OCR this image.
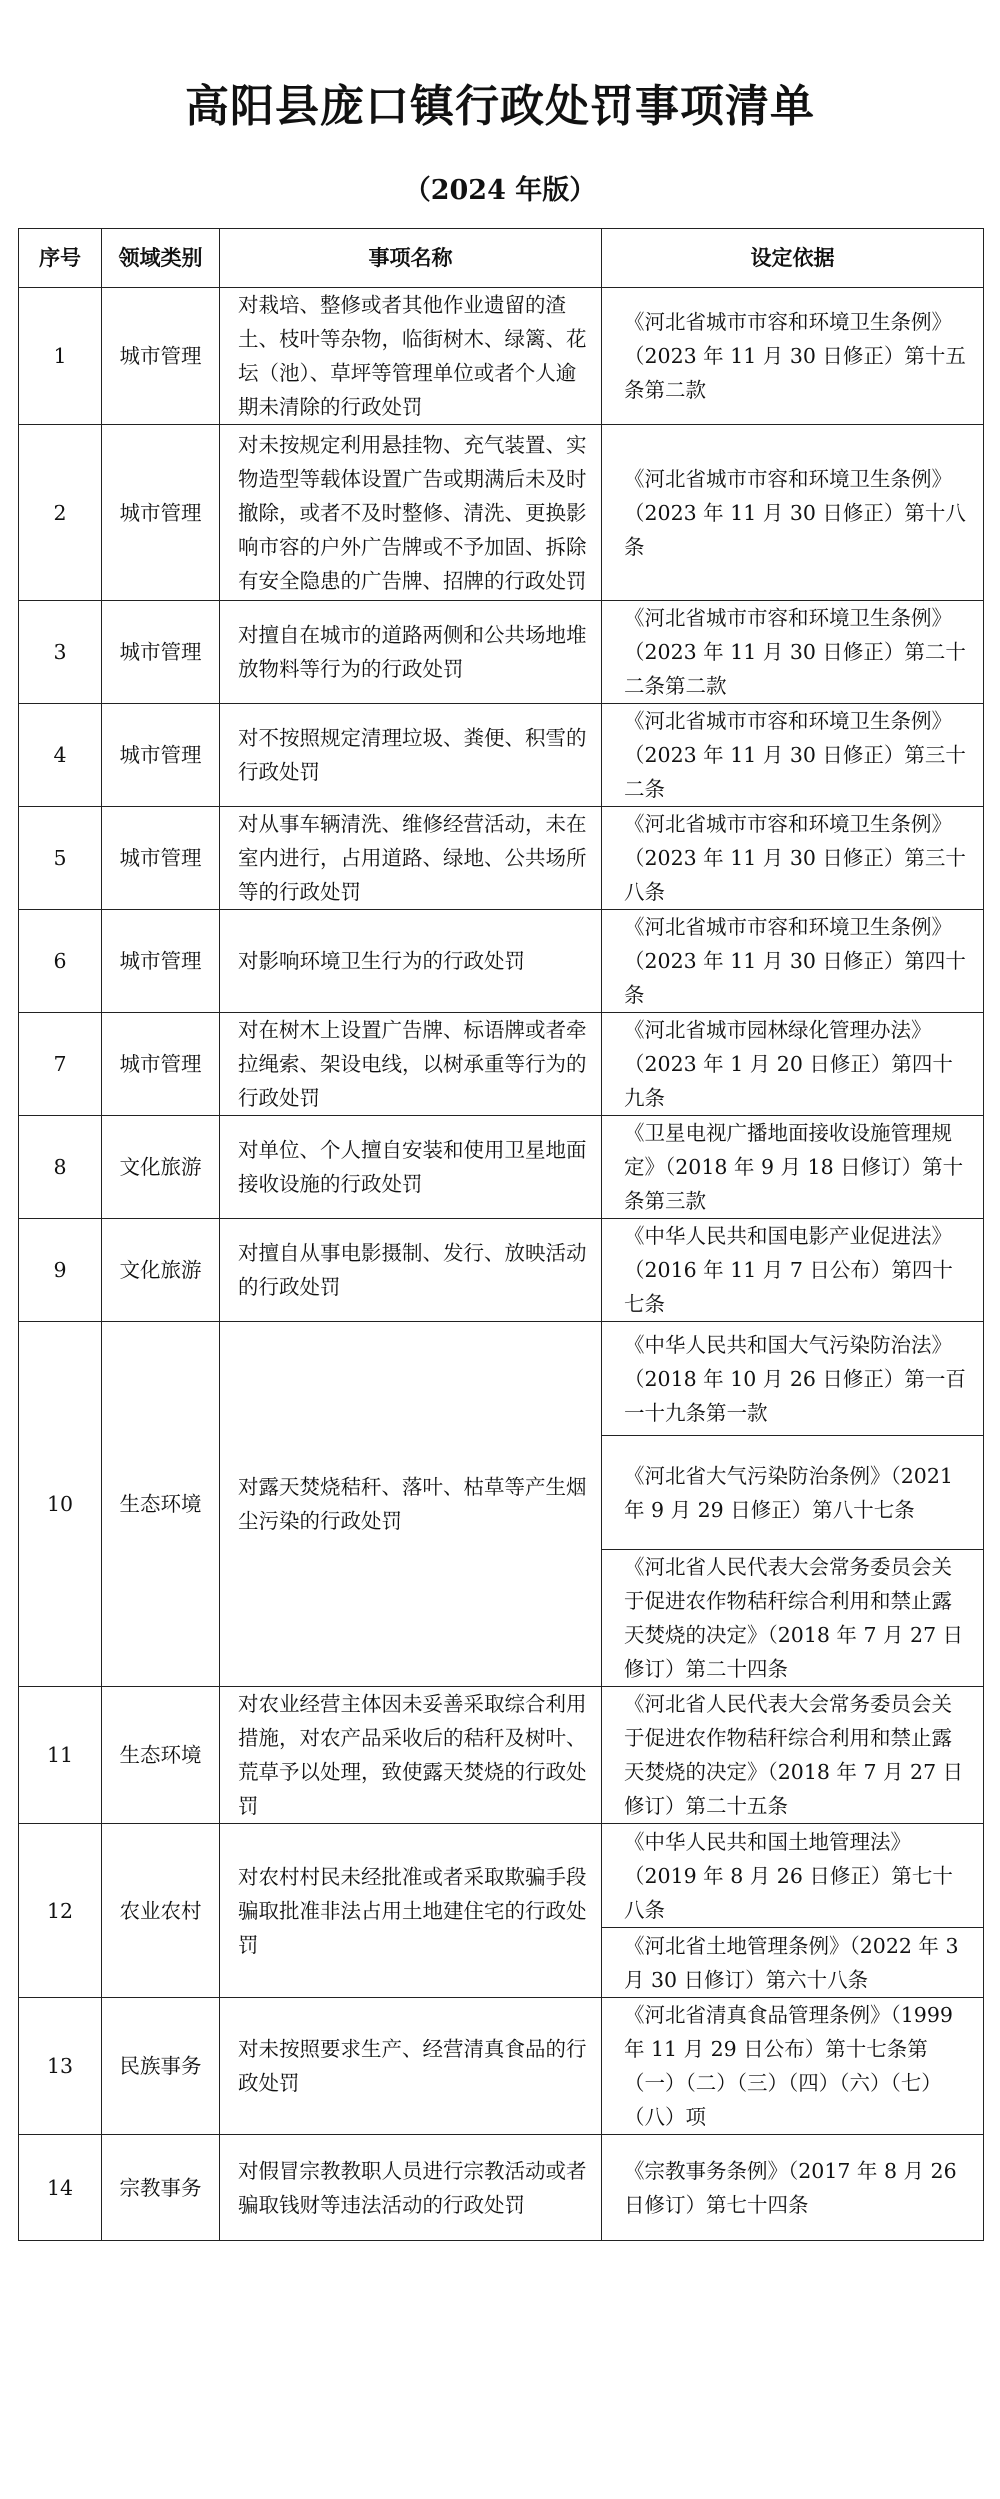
高阳县庞口镇行政处罚事项清单
（2024 年版）
序号	领域类别	事项名称	设定依据
1	城市管理	对栽培、整修或者其他作业遗留的渣土、枝叶等杂物，临街树木、绿篱、花坛（池）、草坪等管理单位或者个人逾期未清除的行政处罚	《河北省城市市容和环境卫生条例》（2023 年 11 月 30 日修正）第十五条第二款
2	城市管理	对未按规定利用悬挂物、充气装置、实物造型等载体设置广告或期满后未及时撤除，或者不及时整修、清洗、更换影响市容的户外广告牌或不予加固、拆除有安全隐患的广告牌、招牌的行政处罚	《河北省城市市容和环境卫生条例》（2023 年 11 月 30 日修正）第十八条
3	城市管理	对擅自在城市的道路两侧和公共场地堆放物料等行为的行政处罚	《河北省城市市容和环境卫生条例》（2023 年 11 月 30 日修正）第二十二条第二款
4	城市管理	对不按照规定清理垃圾、粪便、积雪的行政处罚	《河北省城市市容和环境卫生条例》（2023 年 11 月 30 日修正）第三十二条
5	城市管理	对从事车辆清洗、维修经营活动，未在室内进行，占用道路、绿地、公共场所等的行政处罚	《河北省城市市容和环境卫生条例》（2023 年 11 月 30 日修正）第三十八条
6	城市管理	对影响环境卫生行为的行政处罚	《河北省城市市容和环境卫生条例》（2023 年 11 月 30 日修正）第四十条
7	城市管理	对在树木上设置广告牌、标语牌或者牵拉绳索、架设电线，以树承重等行为的行政处罚	《河北省城市园林绿化管理办法》（2023 年 1 月 20 日修正）第四十九条
8	文化旅游	对单位、个人擅自安装和使用卫星地面接收设施的行政处罚	《卫星电视广播地面接收设施管理规定》（2018 年 9 月 18 日修订）第十条第三款
9	文化旅游	对擅自从事电影摄制、发行、放映活动的行政处罚	《中华人民共和国电影产业促进法》（2016 年 11 月 7 日公布）第四十七条
10	生态环境	对露天焚烧秸秆、落叶、枯草等产生烟尘污染的行政处罚	《中华人民共和国大气污染防治法》（2018 年 10 月 26 日修正）第一百一十九条第一款
			《河北省大气污染防治条例》（2021 年 9 月 29 日修正）第八十七条
			《河北省人民代表大会常务委员会关于促进农作物秸秆综合利用和禁止露天焚烧的决定》（2018 年 7 月 27 日修订）第二十四条
11	生态环境	对农业经营主体因未妥善采取综合利用措施，对农产品采收后的秸秆及树叶、荒草予以处理，致使露天焚烧的行政处罚	《河北省人民代表大会常务委员会关于促进农作物秸秆综合利用和禁止露天焚烧的决定》（2018 年 7 月 27 日修订）第二十五条
12	农业农村	对农村村民未经批准或者采取欺骗手段骗取批准非法占用土地建住宅的行政处罚	《中华人民共和国土地管理法》（2019 年 8 月 26 日修正）第七十八条
			《河北省土地管理条例》（2022 年 3 月 30 日修订）第六十八条
13	民族事务	对未按照要求生产、经营清真食品的行政处罚	《河北省清真食品管理条例》（1999 年 11 月 29 日公布）第十七条第（一）（二）（三）（四）（六）（七）（八）项
14	宗教事务	对假冒宗教教职人员进行宗教活动或者骗取钱财等违法活动的行政处罚	《宗教事务条例》（2017 年 8 月 26 日修订）第七十四条
